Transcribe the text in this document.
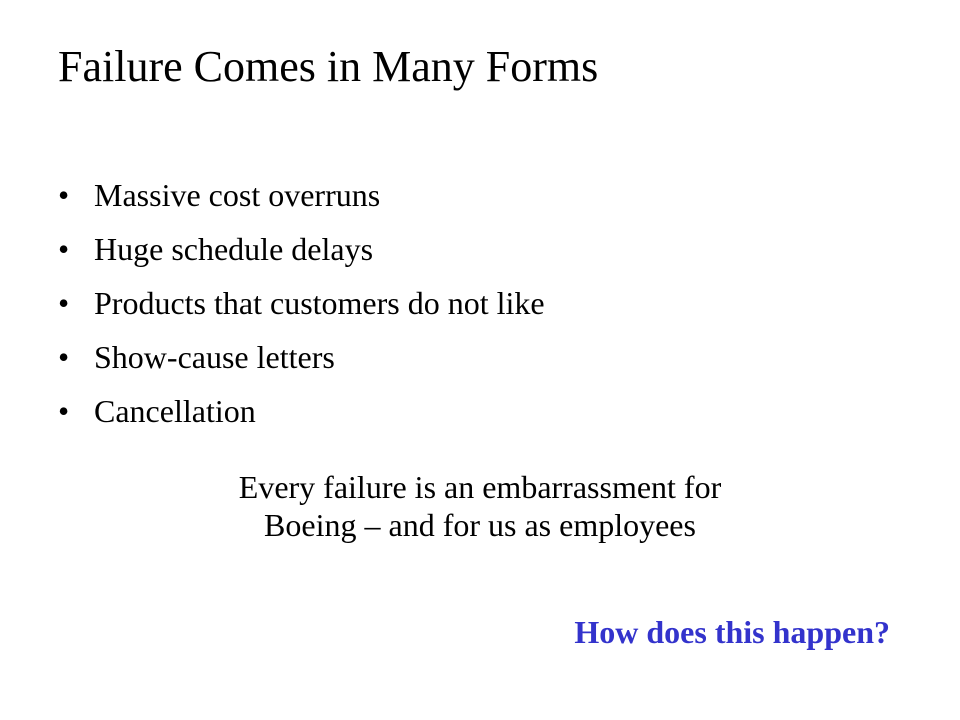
Failure Comes in Many Forms
• Massive cost overruns
• Huge schedule delays
• Products that customers do not like
• Show-cause letters
• Cancellation
Every failure is an embarrassment for
Boeing – and for us as employees
How does this happen?
